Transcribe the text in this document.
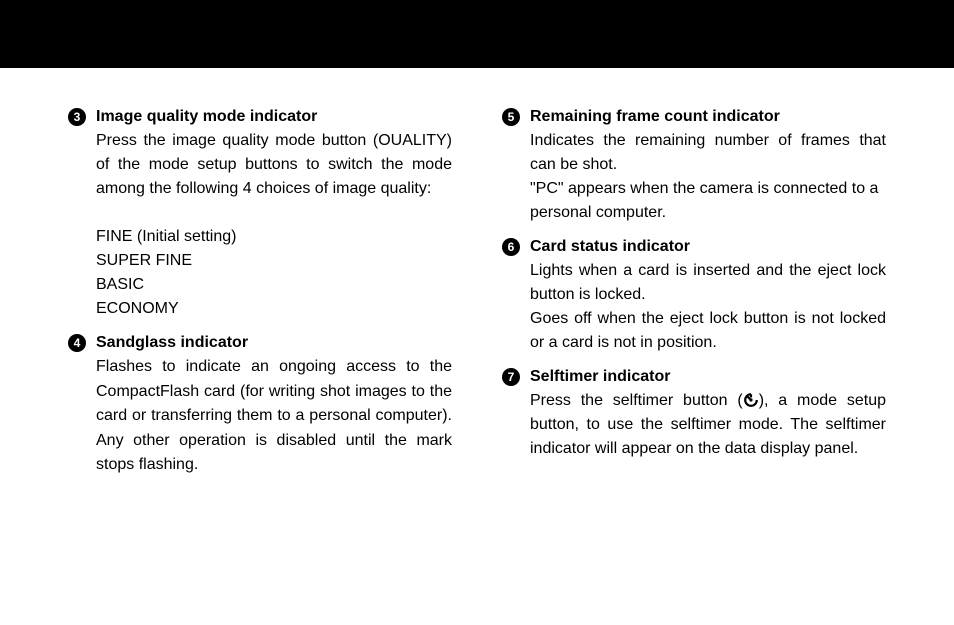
3 Image quality mode indicator

Press the image quality mode button (OUALITY) of the mode setup buttons to switch the mode among the following 4 choices of image quality:

FINE (Initial setting)
SUPER FINE
BASIC
ECONOMY
4 Sandglass indicator

Flashes to indicate an ongoing access to the CompactFlash card (for writing shot images to the card or transferring them to a personal computer). Any other operation is disabled until the mark stops flashing.

5 Remaining frame count indicator

Indicates the remaining number of frames that can be shot.

"PC" appears when the camera is connected to a personal computer.

6 Card status indicator

Lights when a card is inserted and the eject lock button is locked.

Goes off when the eject lock button is not locked or a card is not in position.

7 Selftimer indicator

Press the selftimer button ( ), a mode setup button, to use the selftimer mode. The selftimer indicator will appear on the data display panel.
